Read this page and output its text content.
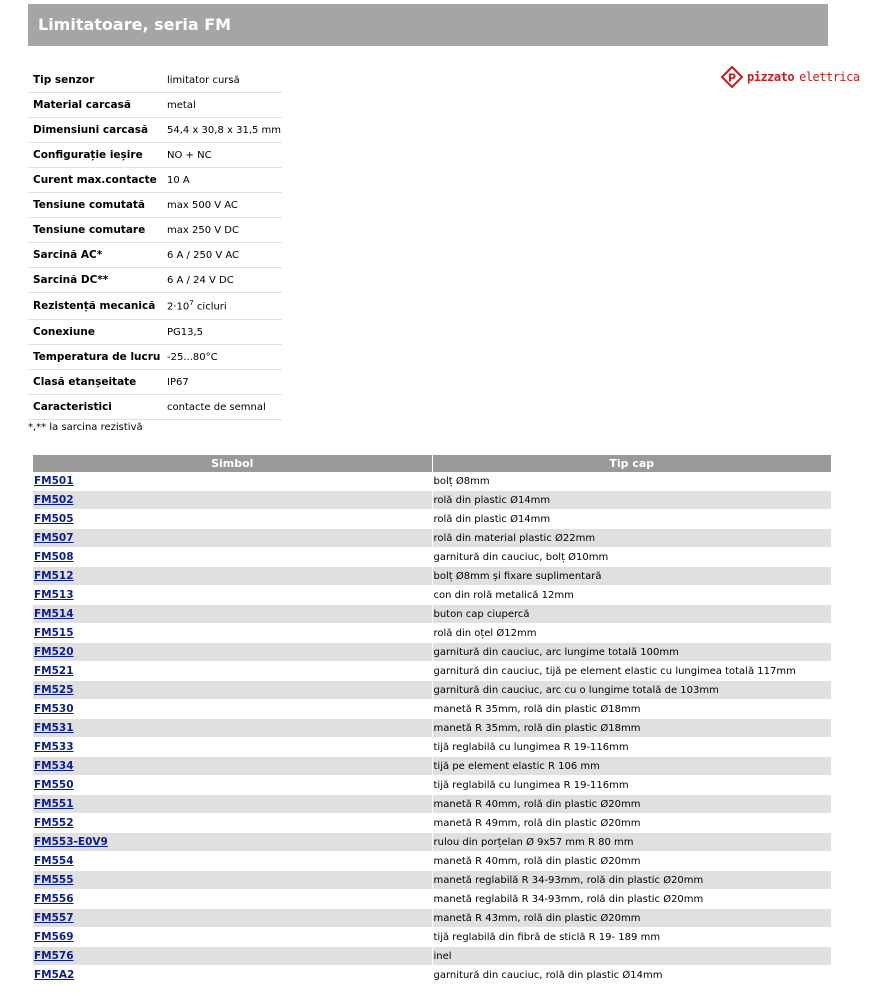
Limitatoare, seria FM
P pizzato elettrica
Tip senzor	limitator cursă
Material carcasă	metal
Dimensiuni carcasă	54,4 x 30,8 x 31,5 mm
Configurație ieșire	NO + NC
Curent max.contacte	10 A
Tensiune comutată	max 500 V AC
Tensiune comutare	max 250 V DC
Sarcină AC*	6 A / 250 V AC
Sarcină DC**	6 A / 24 V DC
Rezistență mecanică	$2\cdot 10^7$ cicluri
Conexiune	PG13,5
Temperatura de lucru	-25...80°C
Clasă etanșeitate	IP67
Caracteristici	contacte de semnal
*,** la sarcina rezistivă
Simbol	Tip cap
FM501	bolț Ø8mm
FM502	rolă din plastic Ø14mm
FM505	rolă din plastic Ø14mm
FM507	rolă din material plastic Ø22mm
FM508	garnitură din cauciuc, bolț Ø10mm
FM512	bolț Ø8mm și fixare suplimentară
FM513	con din rolă metalică 12mm
FM514	buton cap ciupercă
FM515	rolă din oțel Ø12mm
FM520	garnitură din cauciuc, arc lungime totală 100mm
FM521	garnitură din cauciuc, tijă pe element elastic cu lungimea totală 117mm
FM525	garnitură din cauciuc, arc cu o lungime totală de 103mm
FM530	manetă R 35mm, rolă din plastic Ø18mm
FM531	manetă R 35mm, rolă din plastic Ø18mm
FM533	tijă reglabilă cu lungimea R 19-116mm
FM534	tijă pe element elastic R 106 mm
FM550	tijă reglabilă cu lungimea R 19-116mm
FM551	manetă R 40mm, rolă din plastic Ø20mm
FM552	manetă R 49mm, rolă din plastic Ø20mm
FM553-E0V9	rulou din porțelan Ø 9x57 mm R 80 mm
FM554	manetă R 40mm, rolă din plastic Ø20mm
FM555	manetă reglabilă R 34-93mm, rolă din plastic Ø20mm
FM556	manetă reglabilă R 34-93mm, rolă din plastic Ø20mm
FM557	manetă R 43mm, rolă din plastic Ø20mm
FM569	tijă reglabilă din fibră de sticlă R 19- 189 mm
FM576	inel
FM5A2	garnitură din cauciuc, rolă din plastic Ø14mm
